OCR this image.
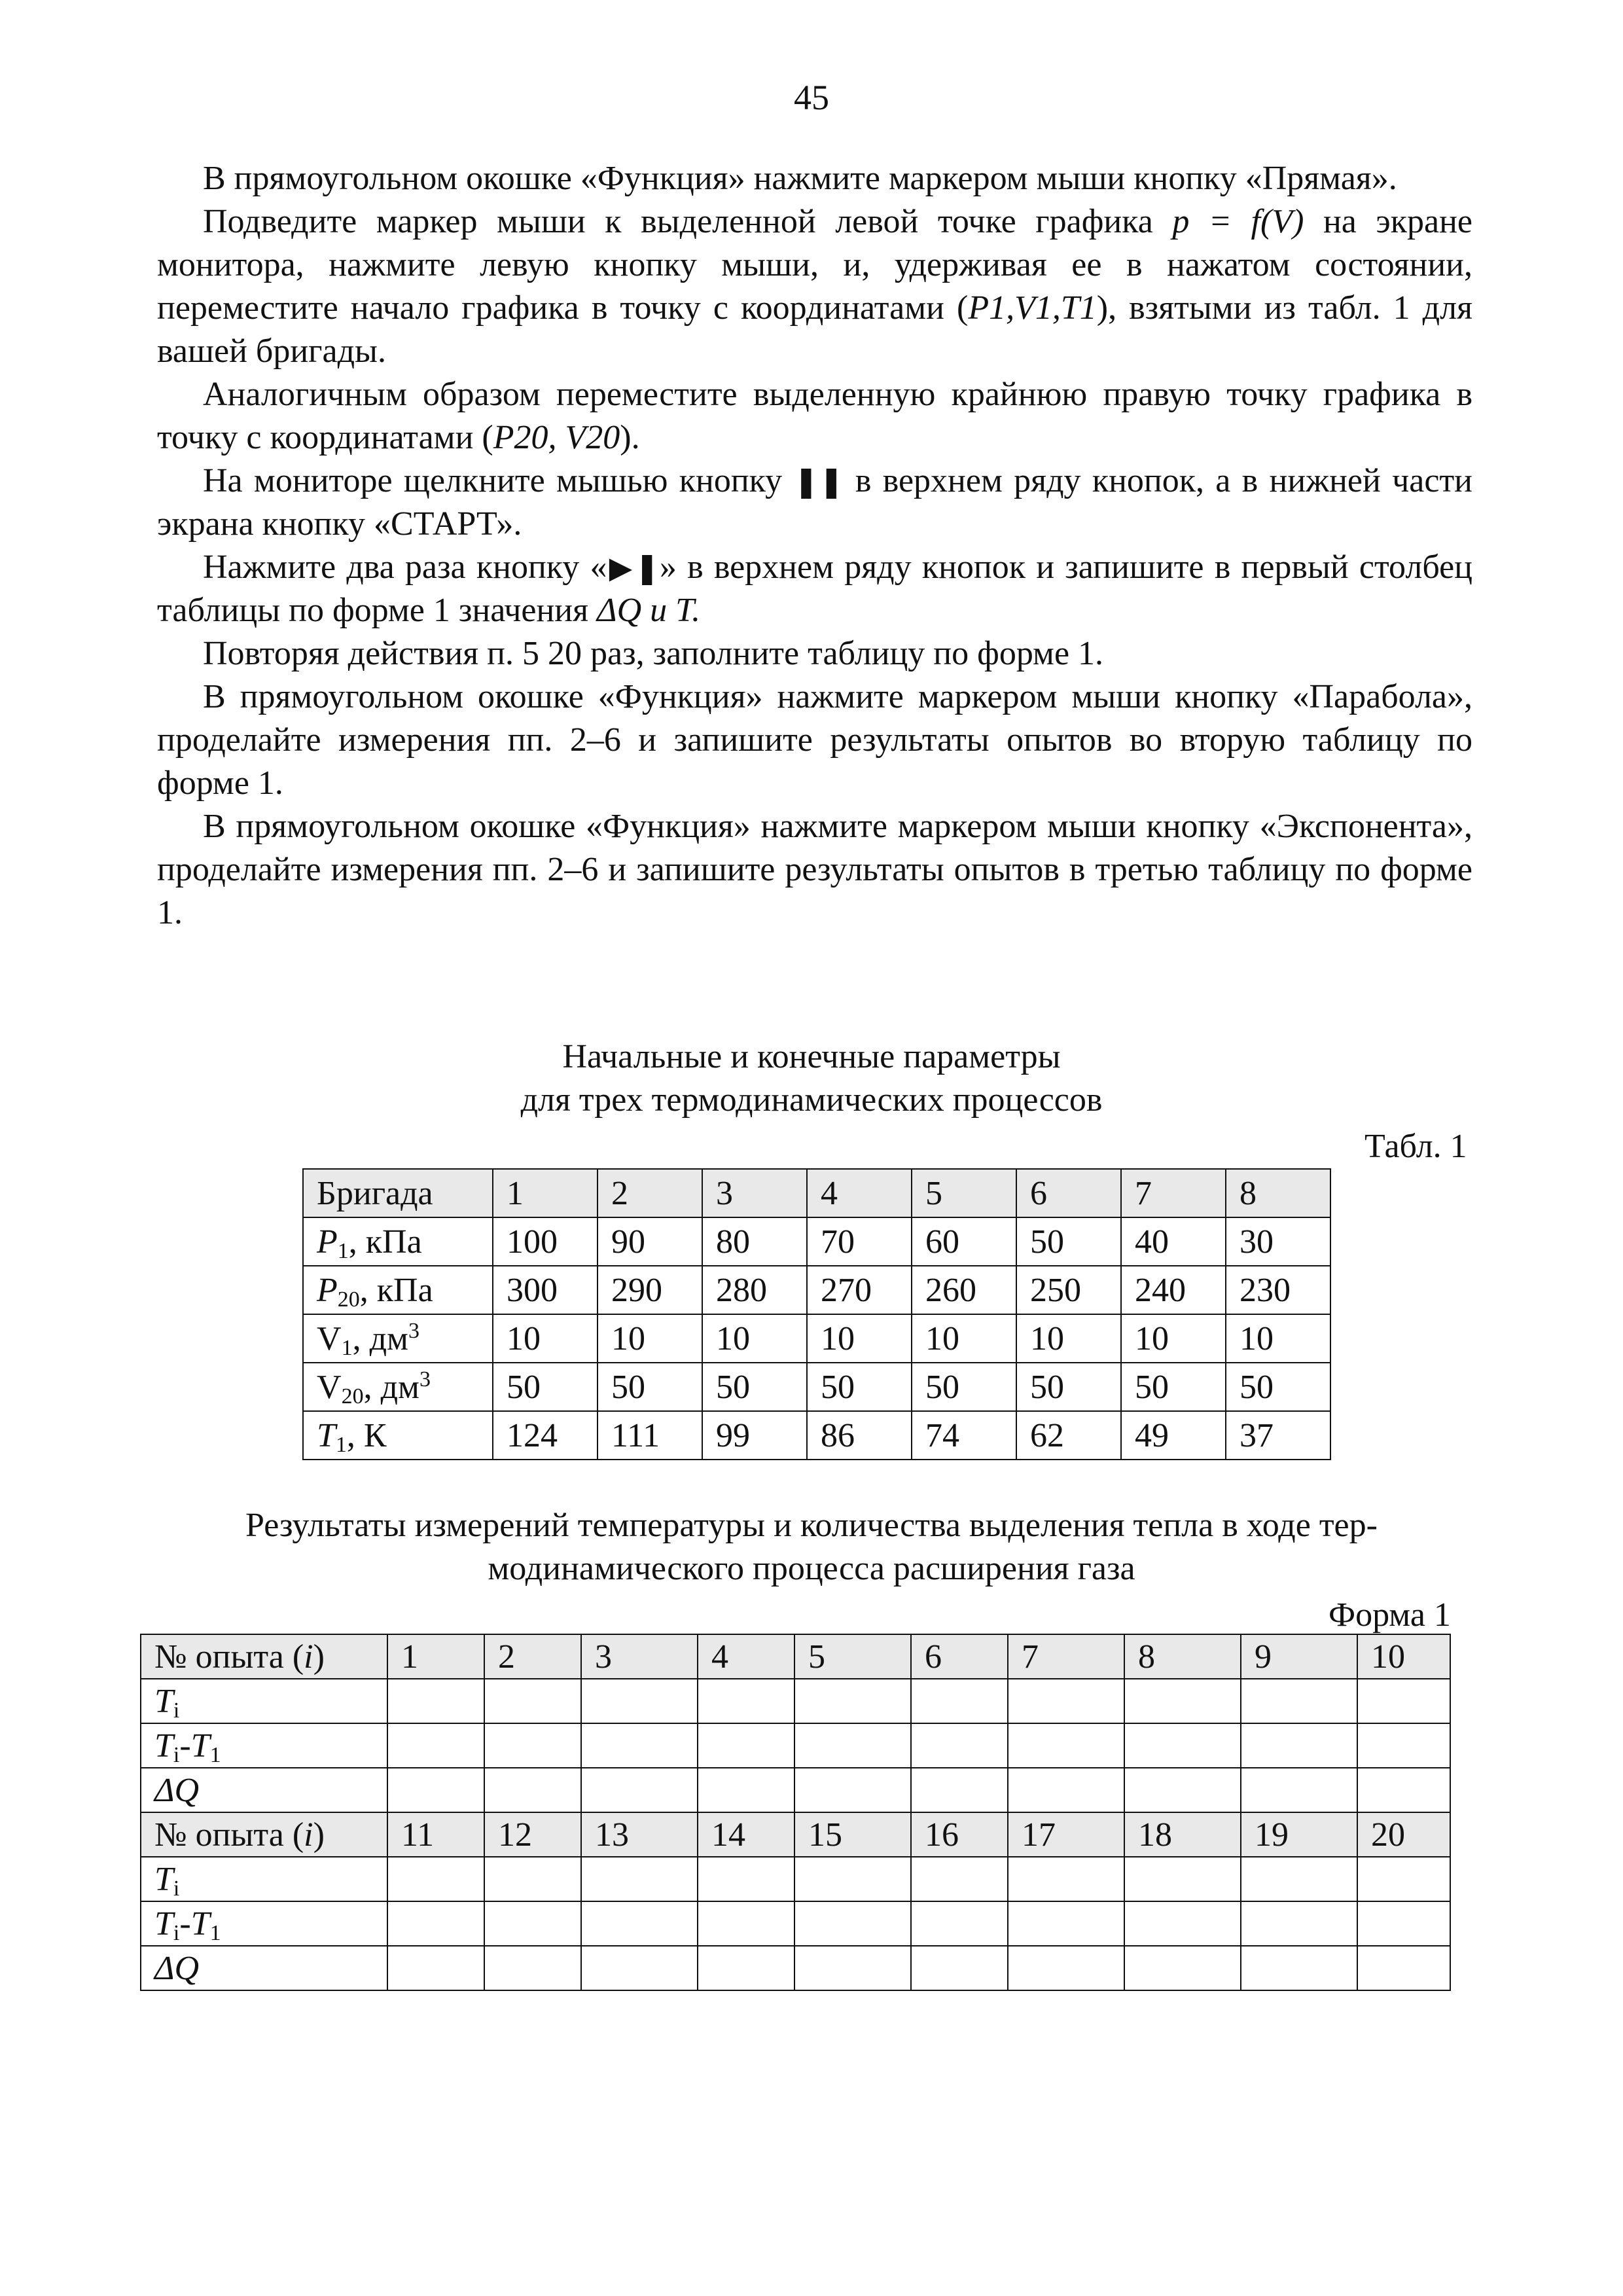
45

В прямоугольном окошке «Функция» нажмите маркером мыши кнопку «Прямая».

Подведите маркер мыши к выделенной левой точке графика p = f(V) на экране монитора, нажмите левую кнопку мыши, и, удерживая ее в нажатом состоянии, переместите начало графика в точку с координатами (P1,V1,T1), взятыми из табл. 1 для вашей бригады.

Аналогичным образом переместите выделенную крайнюю правую точку графика в точку с координатами (P20, V20).

На мониторе щелкните мышью кнопку ❚❚ в верхнем ряду кнопок, а в нижней части экрана кнопку «СТАРТ».

Нажмите два раза кнопку «▶❚» в верхнем ряду кнопок и запишите в первый столбец таблицы по форме 1 значения ΔQ и T.

Повторяя действия п. 5 20 раз, заполните таблицу по форме 1.

В прямоугольном окошке «Функция» нажмите маркером мыши кнопку «Парабола», проделайте измерения пп. 2–6 и запишите результаты опытов во вторую таблицу по форме 1.

В прямоугольном окошке «Функция» нажмите маркером мыши кнопку «Экспонента», проделайте измерения пп. 2–6 и запишите результаты опытов в третью таблицу по форме 1.

Начальные и конечные параметры
для трех термодинамических процессов
Табл. 1
Бригада	1	2	3	4	5	6	7	8
$P_1$, кПа	100	90	80	70	60	50	40	30
$P_{20}$, кПа	300	290	280	270	260	250	240	230
$V_1$, $дм^3$	10	10	10	10	10	10	10	10
$V_{20}$, $дм^3$	50	50	50	50	50	50	50	50
$T_1$, К	124	111	99	86	74	62	49	37
Результаты измерений температуры и количества выделения тепла в ходе тер-
модинамического процесса расширения газа
Форма 1
№ опыта (i)	1	2	3	4	5	6	7	8	9	10
$T_i$										
$T_i-T_1$										
ΔQ										
№ опыта (i)	11	12	13	14	15	16	17	18	19	20
$T_i$										
$T_i-T_1$										
ΔQ										
